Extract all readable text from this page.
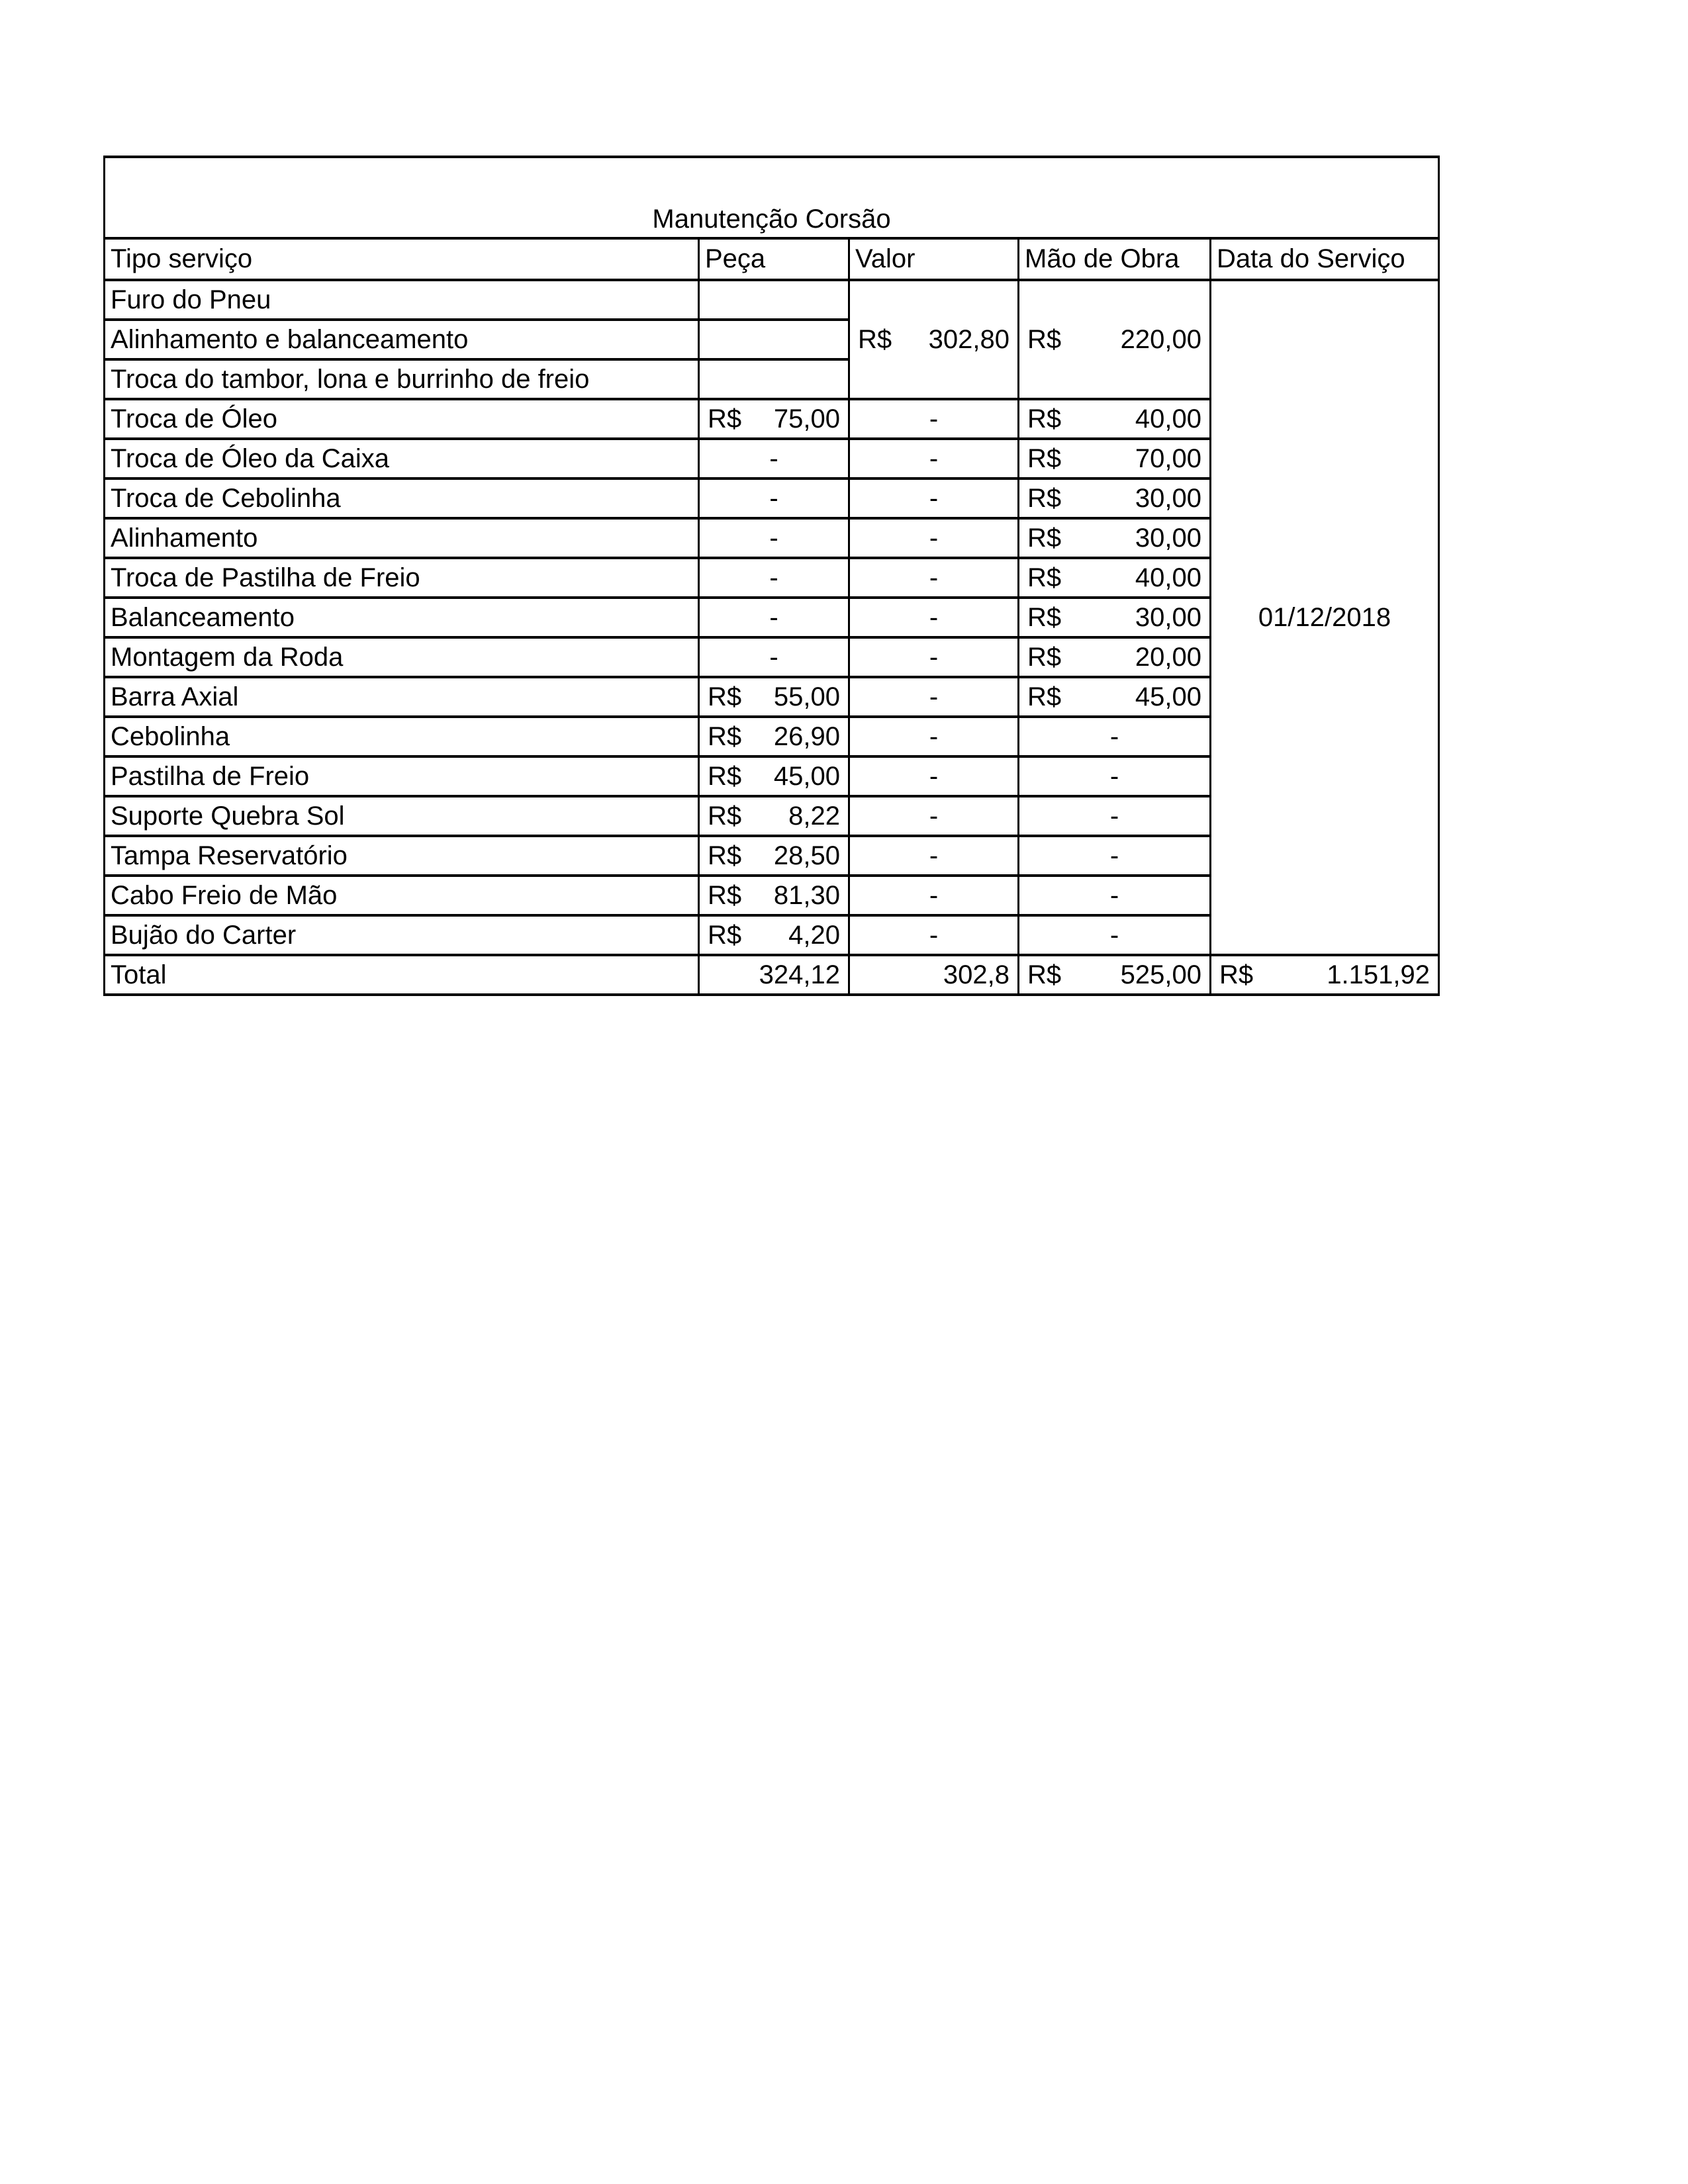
Manutenção Corsão				
Tipo serviço	Peça	Valor	Mão de Obra	Data do Serviço
Furo do Pneu		R$ 302,80	R$ 220,00	01/12/2018
Alinhamento e balanceamento				

Troca do tambor, lona e burrinho de freio				

Troca de Óleo	R$ 75,00	-	R$ 40,00	

Troca de Óleo da Caixa	-	-	R$ 70,00	

Troca de Cebolinha	-	-	R$ 30,00	

Alinhamento	-	-	R$ 30,00	

Troca de Pastilha de Freio	-	-	R$ 40,00	

Balanceamento	-	-	R$ 30,00	

Montagem da Roda	-	-	R$ 20,00	

Barra Axial	R$ 55,00	-	R$ 45,00	

Cebolinha	R$ 26,90	-	-	

Pastilha de Freio	R$ 45,00	-	-	

Suporte Quebra Sol	R$ 8,22	-	-	

Tampa Reservatório	R$ 28,50	-	-	

Cabo Freio de Mão	R$ 81,30	-	-	

Bujão do Carter	R$ 4,20	-	-	

Total	324,12	302,8	R$ 525,00	R$ 1.151,92
